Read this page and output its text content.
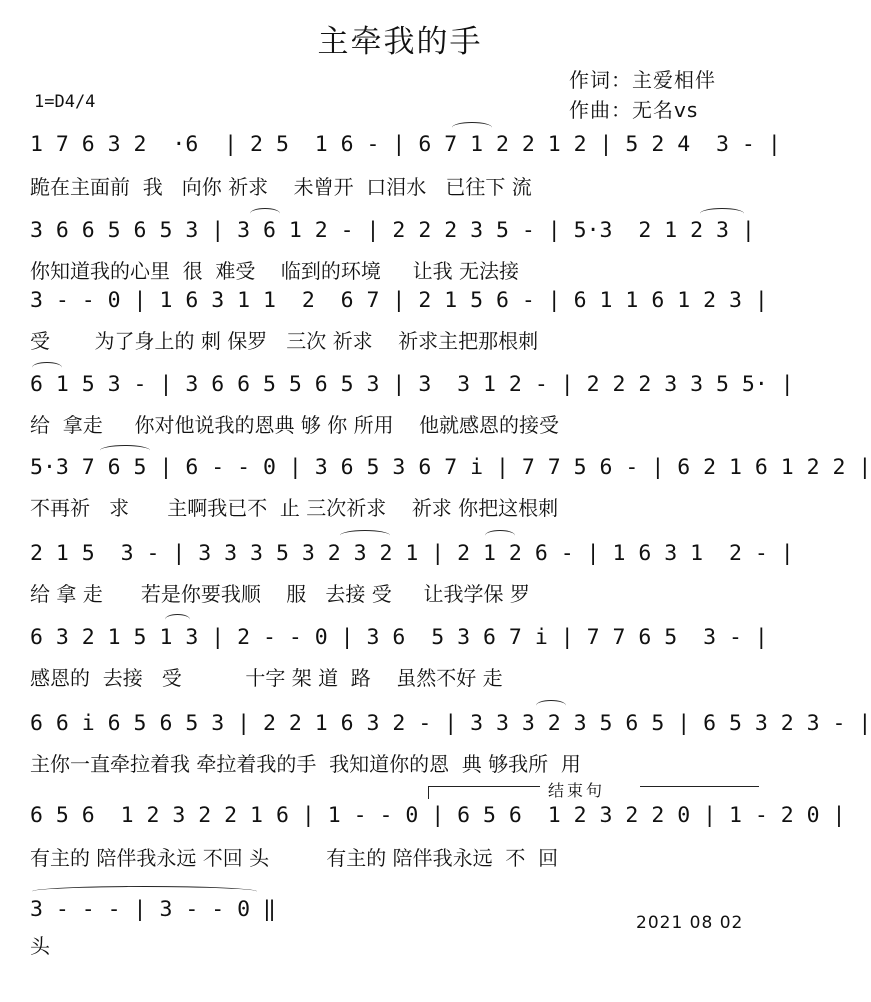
主牵我的手
作词：主爱相伴
作曲：无名vs
1=D4/4
1 7 6 3 2  ·6  | 2 5  1 6 - | 6 7 1 2 2 1 2 | 5 2 4  3 - |
跪在主面前  我   向你 祈求    未曾开  口泪水   已往下 流
3 6 6 5 6 5 3 | 3 6 1 2 - | 2 2 2 3 5 - | 5·3  2 1 2 3 |
你知道我的心里  很  难受    临到的环境     让我 无法接
3 - - 0 | 1 6 3 1 1  2  6 7 | 2 1 5 6 - | 6 1 1 6 1 2 3 |
受       为了身上的 刺 保罗   三次 祈求    祈求主把那根刺
6 1 5 3 - | 3 6 6 5 5 6 5 3 | 3  3 1 2 - | 2 2 2 3 3 5 5· |
给  拿走     你对他说我的恩典 够 你 所用    他就感恩的接受
5·3 7 6 5 | 6 - - 0 | 3 6 5 3 6 7 i | 7 7 5 6 - | 6 2 1 6 1 2 2 |
不再祈   求      主啊我已不  止 三次祈求    祈求 你把这根刺
2 1 5  3 - | 3 3 3 5 3 2 3 2 1 | 2 1 2 6 - | 1 6 3 1  2 - |
给 拿 走      若是你要我顺    服   去接 受     让我学保 罗
6 3 2 1 5 1 3 | 2 - - 0 | 3 6  5 3 6 7 i | 7 7 6 5  3 - |
感恩的  去接   受          十字 架 道  路    虽然不好 走
6 6 i 6 5 6 5 3 | 2 2 1 6 3 2 - | 3 3 3 2 3 5 6 5 | 6 5 3 2 3 - |
主你一直牵拉着我 牵拉着我的手  我知道你的恩  典 够我所  用
结束句
6 5 6  1 2 3 2 2 1 6 | 1 - - 0 | 6 5 6  1 2 3 2 2 0 | 1 - 2 0 |
有主的 陪伴我永远 不回 头         有主的 陪伴我永远  不  回
3 - - - | 3 - - 0 ‖
头
2021 08 02
